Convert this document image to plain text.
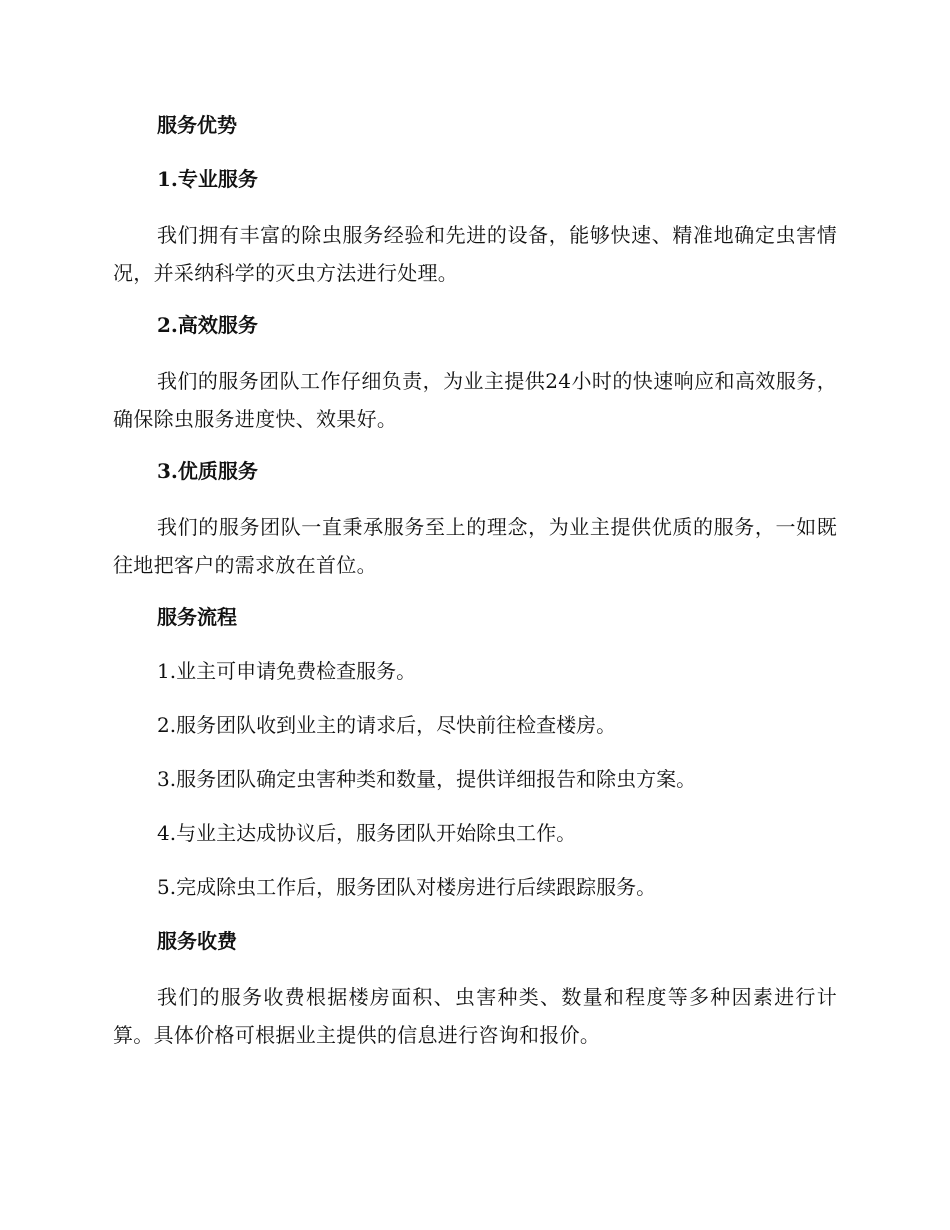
服务优势
1.专业服务

我们拥有丰富的除虫服务经验和先进的设备，能够快速、精准地确定虫害情况，并采纳科学的灭虫方法进行处理。

2.高效服务

我们的服务团队工作仔细负责，为业主提供24小时的快速响应和高效服务，确保除虫服务进度快、效果好。

3.优质服务

我们的服务团队一直秉承服务至上的理念，为业主提供优质的服务，一如既往地把客户的需求放在首位。

服务流程
1.业主可申请免费检查服务。
2.服务团队收到业主的请求后，尽快前往检查楼房。
3.服务团队确定虫害种类和数量，提供详细报告和除虫方案。
4.与业主达成协议后，服务团队开始除虫工作。
5.完成除虫工作后，服务团队对楼房进行后续跟踪服务。
服务收费

我们的服务收费根据楼房面积、虫害种类、数量和程度等多种因素进行计算。具体价格可根据业主提供的信息进行咨询和报价。
